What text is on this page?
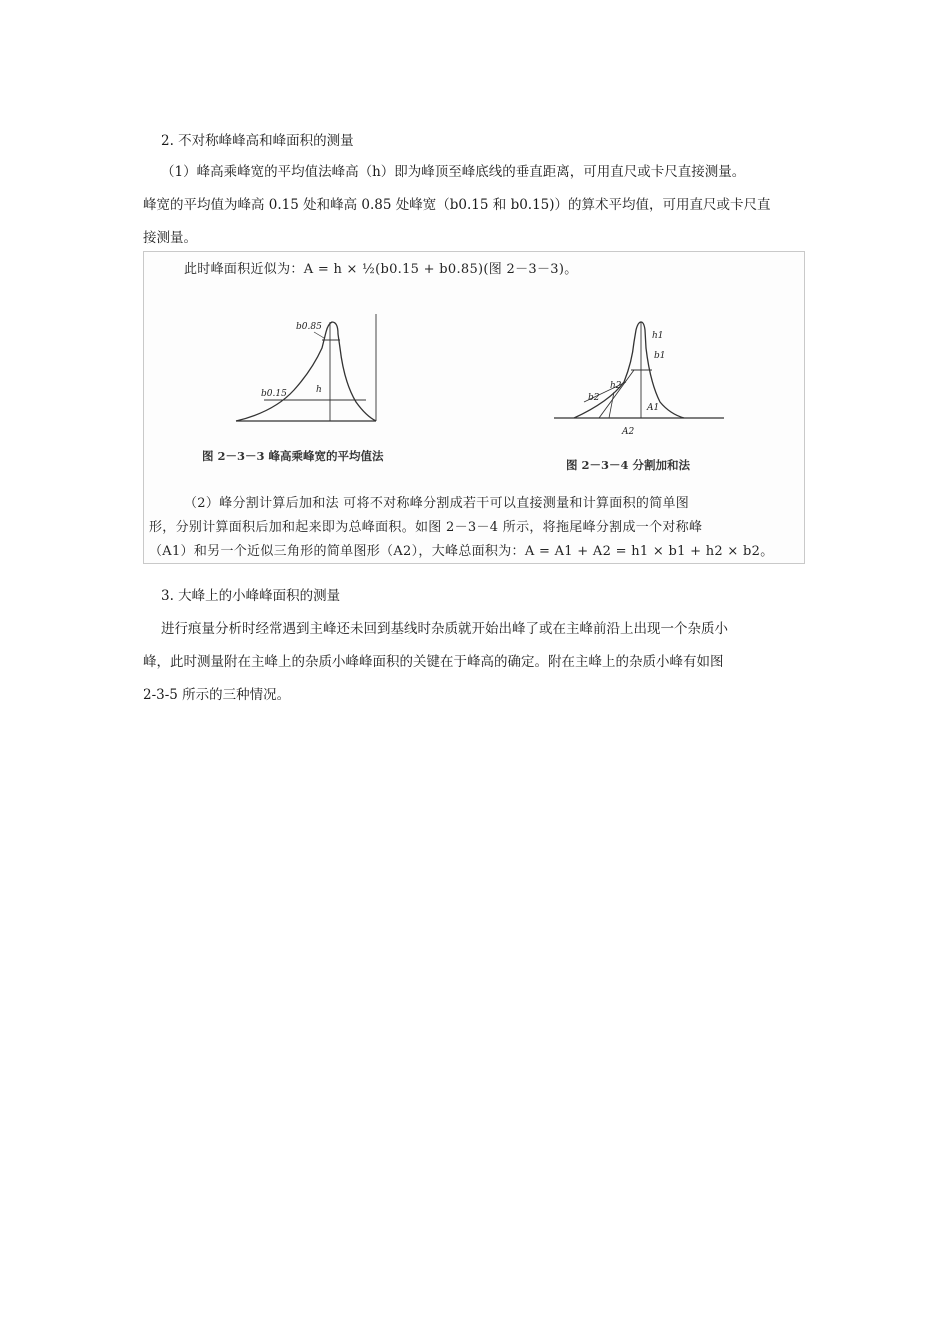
2. 不对称峰峰高和峰面积的测量
（1）峰高乘峰宽的平均值法峰高（h）即为峰顶至峰底线的垂直距离，可用直尺或卡尺直接测量。
峰宽的平均值为峰高 0.15 处和峰高 0.85 处峰宽（b0.15 和 b0.15)）的算术平均值，可用直尺或卡尺直
接测量。
此时峰面积近似为：A = h × ½(b0.15 + b0.85)(图 2－3－3)。
b0.85
b0.15	h
h1
b1
h2
b2
A1
A2
图 2－3－3 峰高乘峰宽的平均值法
图 2－3－4 分割加和法
（2）峰分割计算后加和法 可将不对称峰分割成若干可以直接测量和计算面积的简单图
形，分别计算面积后加和起来即为总峰面积。如图 2－3－4 所示，将拖尾峰分割成一个对称峰
（A1）和另一个近似三角形的简单图形（A2），大峰总面积为：A = A1 + A2 = h1 × b1 + h2 × b2。
3. 大峰上的小峰峰面积的测量
进行痕量分析时经常遇到主峰还未回到基线时杂质就开始出峰了或在主峰前沿上出现一个杂质小
峰，此时测量附在主峰上的杂质小峰峰面积的关键在于峰高的确定。附在主峰上的杂质小峰有如图
2-3-5 所示的三种情况。
